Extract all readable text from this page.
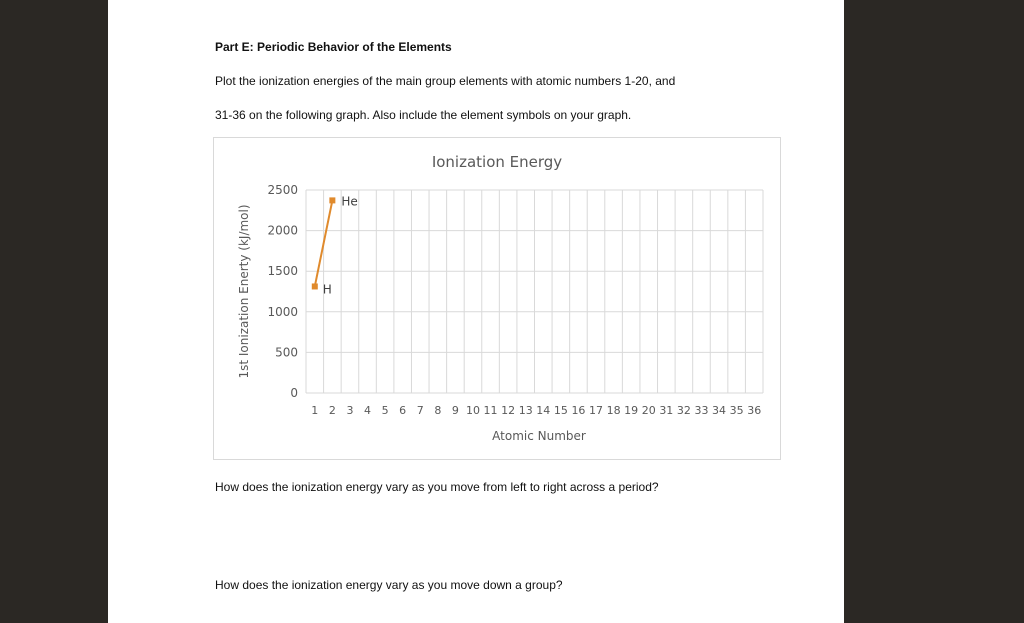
Part E: Periodic Behavior of the Elements
Plot the ionization energies of the main group elements with atomic numbers 1-20, and
31-36 on the following graph. Also include the element symbols on your graph.
Ionization Energy
0
500
1000
1500
2000
2500
1 2 3 4 5 6 7 8 9 10 11 12 13 14 15 16 17 18 19 20 31 32 33 34 35 36
H
He
Atomic Number
1st Ionization Enerty (kJ/mol)
How does the ionization energy vary as you move from left to right across a period?
How does the ionization energy vary as you move down a group?
